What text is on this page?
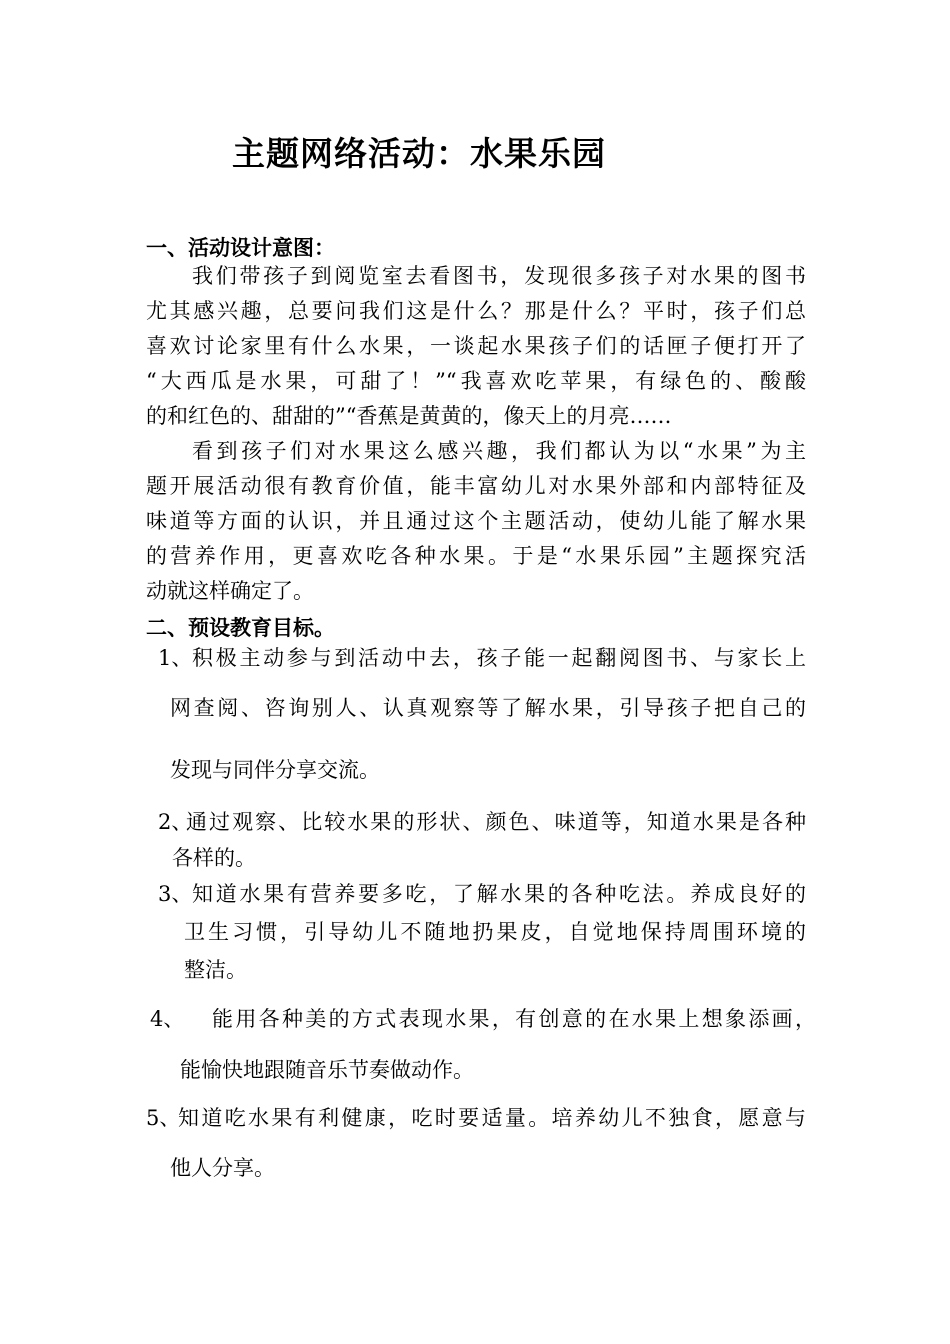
主题网络活动：水果乐园
一、活动设计意图：
我们带孩子到阅览室去看图书，发现很多孩子对水果的图书
尤其感兴趣，总要问我们这是什么？那是什么？平时，孩子们总
喜欢讨论家里有什么水果，一谈起水果孩子们的话匣子便打开了
“大西瓜是水果，可甜了！”“我喜欢吃苹果，有绿色的、酸酸
的和红色的、甜甜的”“香蕉是黄黄的，像天上的月亮……
看到孩子们对水果这么感兴趣，我们都认为以“水果”为主
题开展活动很有教育价值，能丰富幼儿对水果外部和内部特征及
味道等方面的认识，并且通过这个主题活动，使幼儿能了解水果
的营养作用，更喜欢吃各种水果。于是“水果乐园”主题探究活
动就这样确定了。
二、预设教育目标。
1、 积极主动参与到活动中去，孩子能一起翻阅图书、与家长上
网查阅、咨询别人、认真观察等了解水果，引导孩子把自己的
发现与同伴分享交流。
2、
通过观察、比较水果的形状、颜色、味道等，知道水果是各种
各样的。
3、 知道水果有营养要多吃，了解水果的各种吃法。养成良好的
卫生习惯，引导幼儿不随地扔果皮，自觉地保持周围环境的
整洁。
4、 能用各种美的方式表现水果，有创意的在水果上想象添画，
能愉快地跟随音乐节奏做动作。
5、
知道吃水果有利健康，吃时要适量。培养幼儿不独食，愿意与
他人分享。
